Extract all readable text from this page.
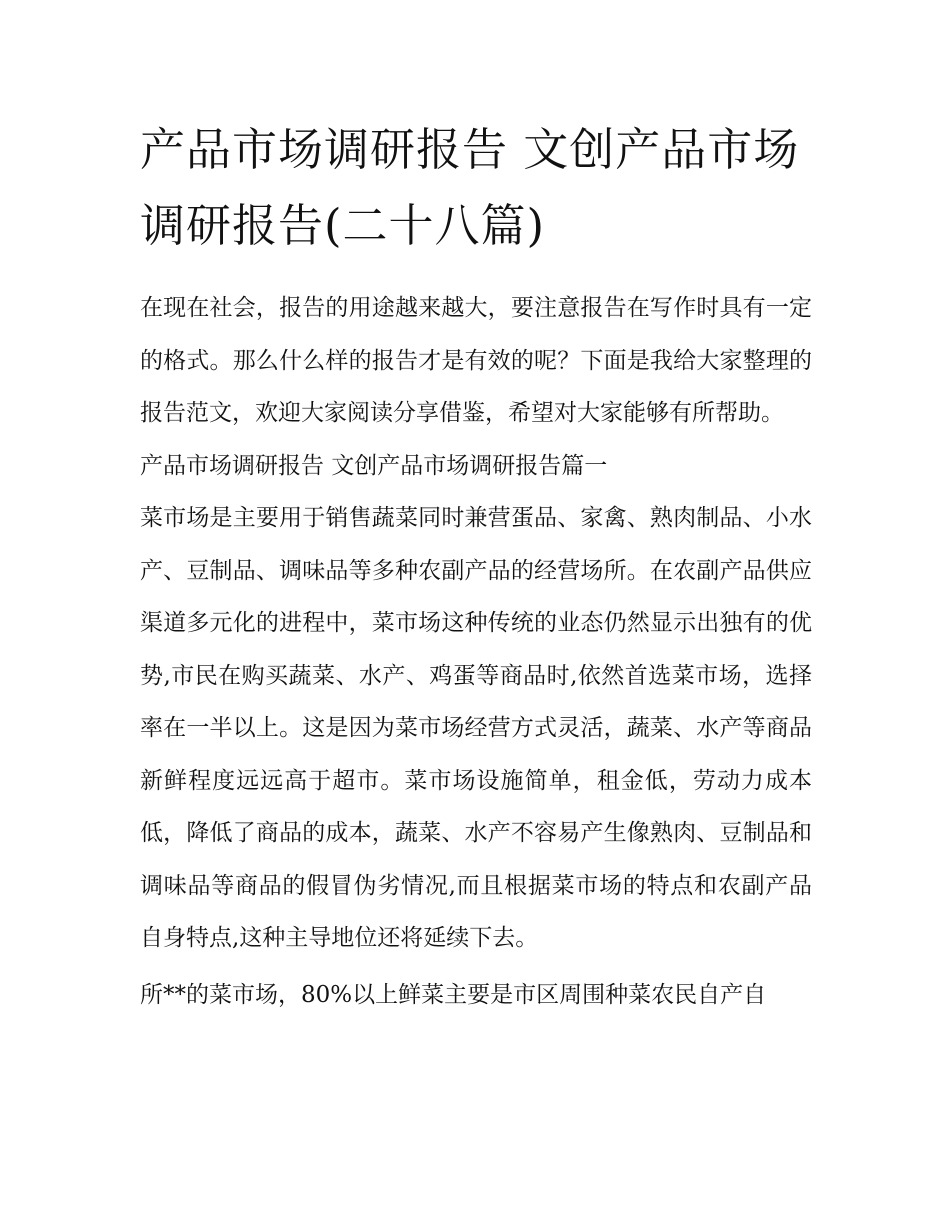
产品市场调研报告 文创产品市场调研报告(二十八篇)

在现在社会，报告的用途越来越大，要注意报告在写作时具有一定的格式。那么什么样的报告才是有效的呢？下面是我给大家整理的报告范文，欢迎大家阅读分享借鉴，希望对大家能够有所帮助。

产品市场调研报告 文创产品市场调研报告篇一

菜市场是主要用于销售蔬菜同时兼营蛋品、家禽、熟肉制品、小水产、豆制品、调味品等多种农副产品的经营场所。在农副产品供应渠道多元化的进程中，菜市场这种传统的业态仍然显示出独有的优势,市民在购买蔬菜、水产、鸡蛋等商品时,依然首选菜市场，选择率在一半以上。这是因为菜市场经营方式灵活，蔬菜、水产等商品新鲜程度远远高于超市。菜市场设施简单，租金低，劳动力成本低，降低了商品的成本，蔬菜、水产不容易产生像熟肉、豆制品和调味品等商品的假冒伪劣情况,而且根据菜市场的特点和农副产品自身特点,这种主导地位还将延续下去。

所**的菜市场，80%以上鲜菜主要是市区周围种菜农民自产自
